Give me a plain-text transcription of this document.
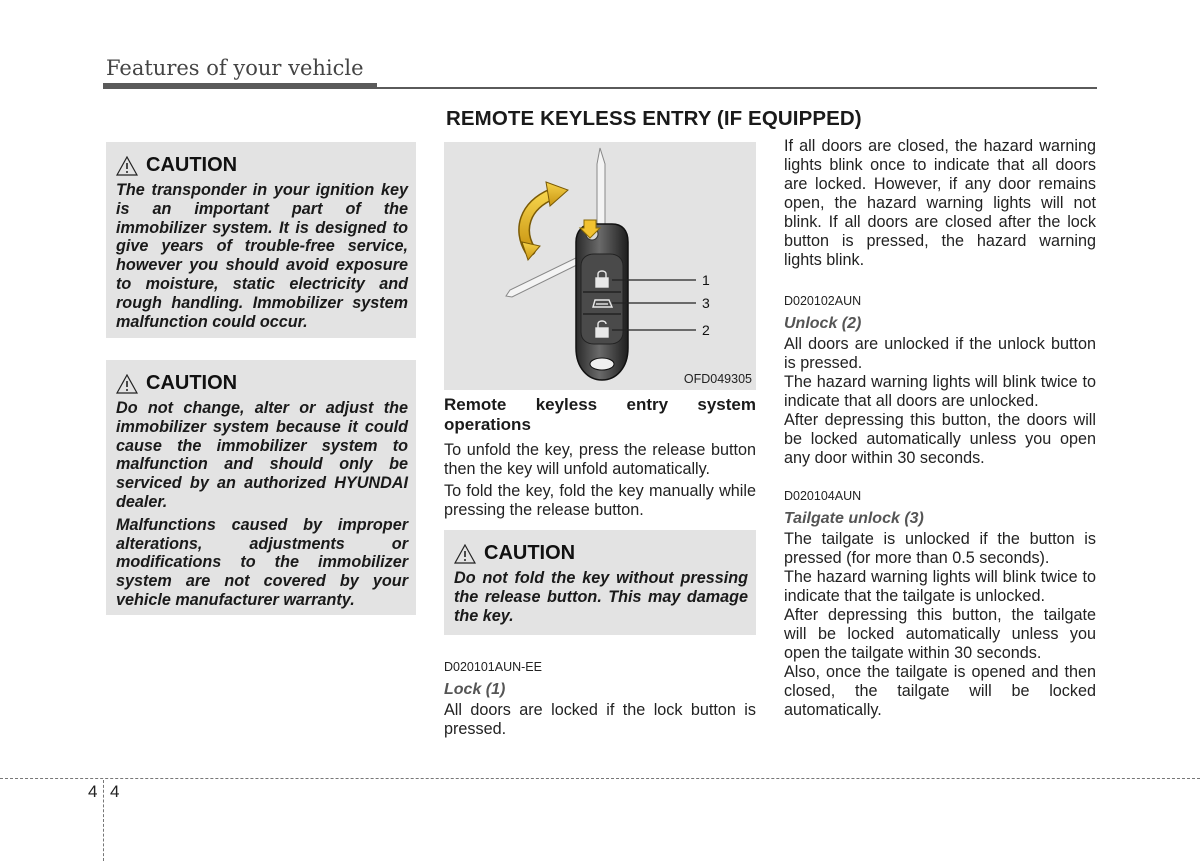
Features of your vehicle
REMOTE KEYLESS ENTRY (IF EQUIPPED)
CAUTION

The transponder in your ignition key is an important part of the immobilizer system. It is designed to give years of trouble-free service, however you should avoid exposure to moisture, static electricity and rough handling. Immobilizer system malfunction could occur.

CAUTION

Do not change, alter or adjust the immobilizer system because it could cause the immobilizer system to malfunction and should only be serviced by an authorized HYUNDAI dealer.

Malfunctions caused by improper alterations, adjustments or modifications to the immobilizer system are not covered by your vehicle manufacturer warranty.

1
3
2
OFD049305
Remote keyless entry system operations

To unfold the key, press the release button then the key will unfold automatically.

To fold the key, fold the key manually while pressing the release button.

CAUTION

Do not fold the key without pressing the release button. This may damage the key.

D020101AUN-EE
Lock (1)

All doors are locked if the lock button is pressed.

If all doors are closed, the hazard warning lights blink once to indicate that all doors are locked. However, if any door remains open, the hazard warning lights will not blink. If all doors are closed after the lock button is pressed, the hazard warning lights blink.

D020102AUN
Unlock (2)

All doors are unlocked if the unlock button is pressed.

The hazard warning lights will blink twice to indicate that all doors are unlocked.

After depressing this button, the doors will be locked automatically unless you open any door within 30 seconds.

D020104AUN
Tailgate unlock (3)

The tailgate is unlocked if the button is pressed (for more than 0.5 seconds).

The hazard warning lights will blink twice to indicate that the tailgate is unlocked.

After depressing this button, the tailgate will be locked automatically unless you open the tailgate within 30 seconds.

Also, once the tailgate is opened and then closed, the tailgate will be locked automatically.

4 4
